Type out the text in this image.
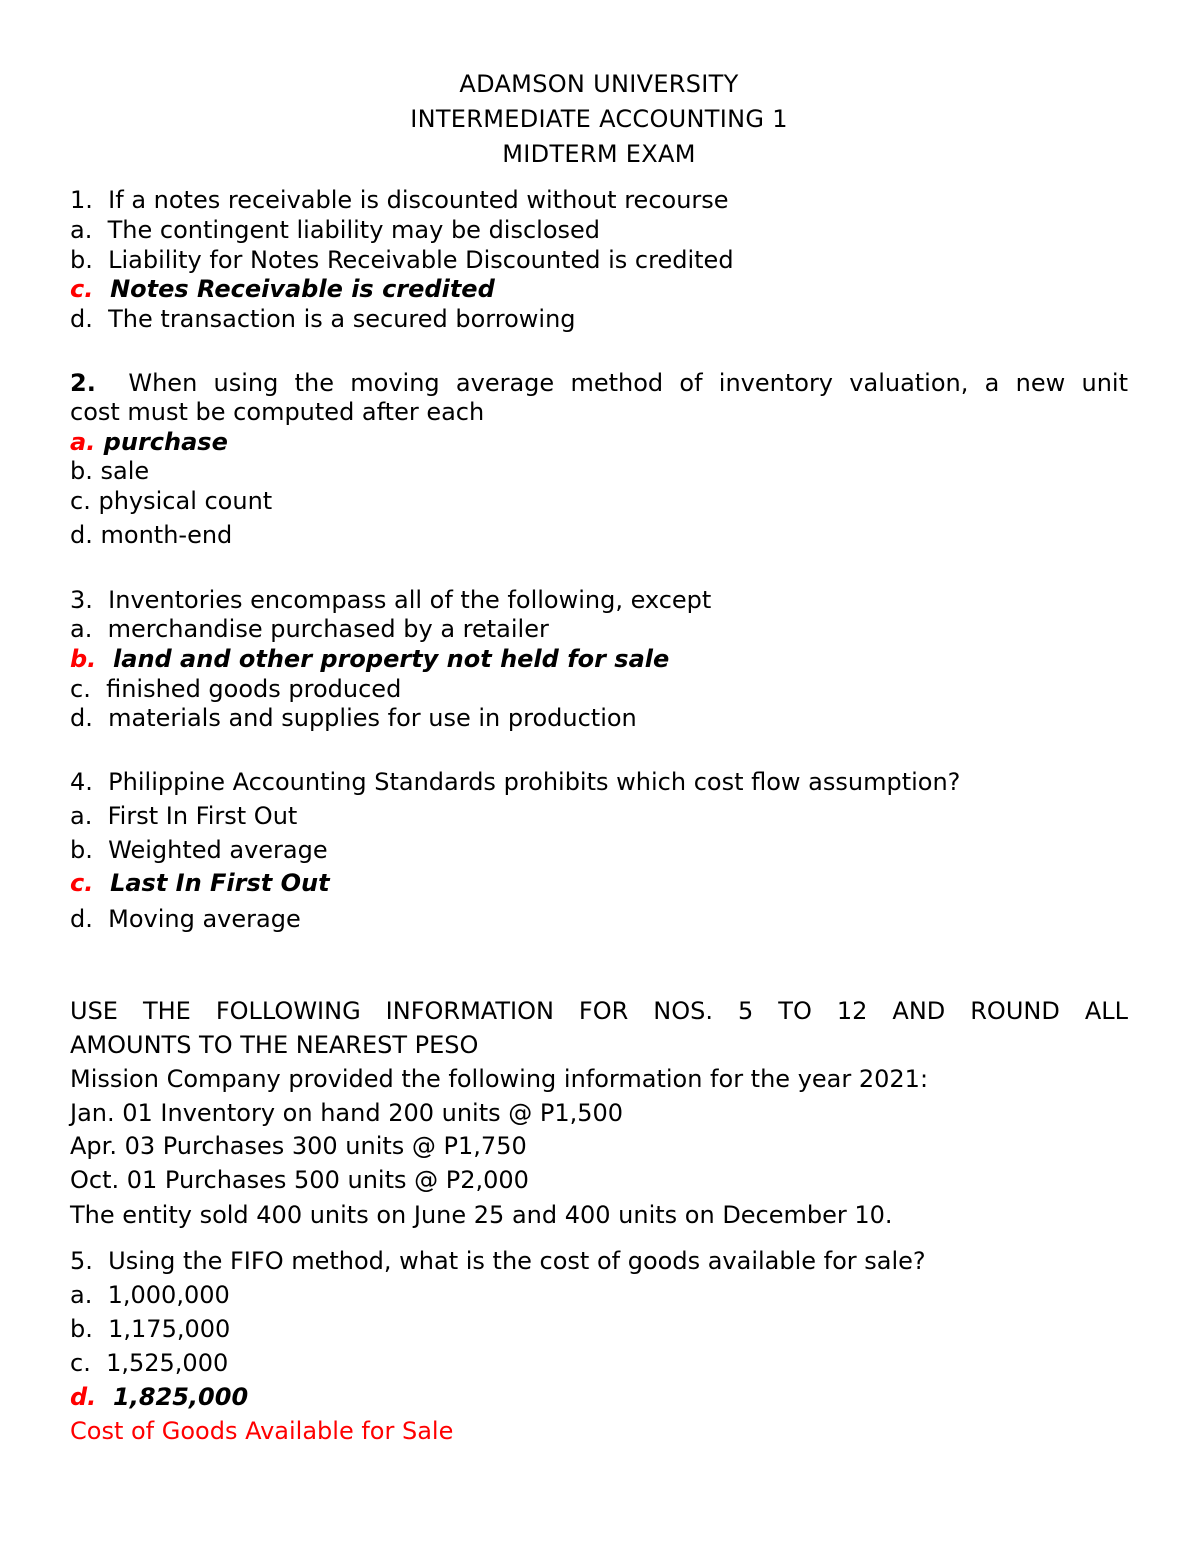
ADAMSON UNIVERSITY
INTERMEDIATE ACCOUNTING 1
MIDTERM EXAM
1. If a notes receivable is discounted without recourse
a. The contingent liability may be disclosed
b. Liability for Notes Receivable Discounted is credited
c. Notes Receivable is credited
d. The transaction is a secured borrowing
2. When using the moving average method of inventory valuation, a new unit
cost must be computed after each
a. purchase
b. sale
c. physical count
d. month-end
3. Inventories encompass all of the following, except
a. merchandise purchased by a retailer
b. land and other property not held for sale
c. finished goods produced
d. materials and supplies for use in production
4. Philippine Accounting Standards prohibits which cost flow assumption?
a. First In First Out
b. Weighted average
c. Last In First Out
d. Moving average
USE THE FOLLOWING INFORMATION FOR NOS. 5 TO 12 AND ROUND ALL
AMOUNTS TO THE NEAREST PESO
Mission Company provided the following information for the year 2021:
Jan. 01 Inventory on hand 200 units @ P1,500
Apr. 03 Purchases 300 units @ P1,750
Oct. 01 Purchases 500 units @ P2,000
The entity sold 400 units on June 25 and 400 units on December 10.
5. Using the FIFO method, what is the cost of goods available for sale?
a. 1,000,000
b. 1,175,000
c. 1,525,000
d. 1,825,000
Cost of Goods Available for Sale
